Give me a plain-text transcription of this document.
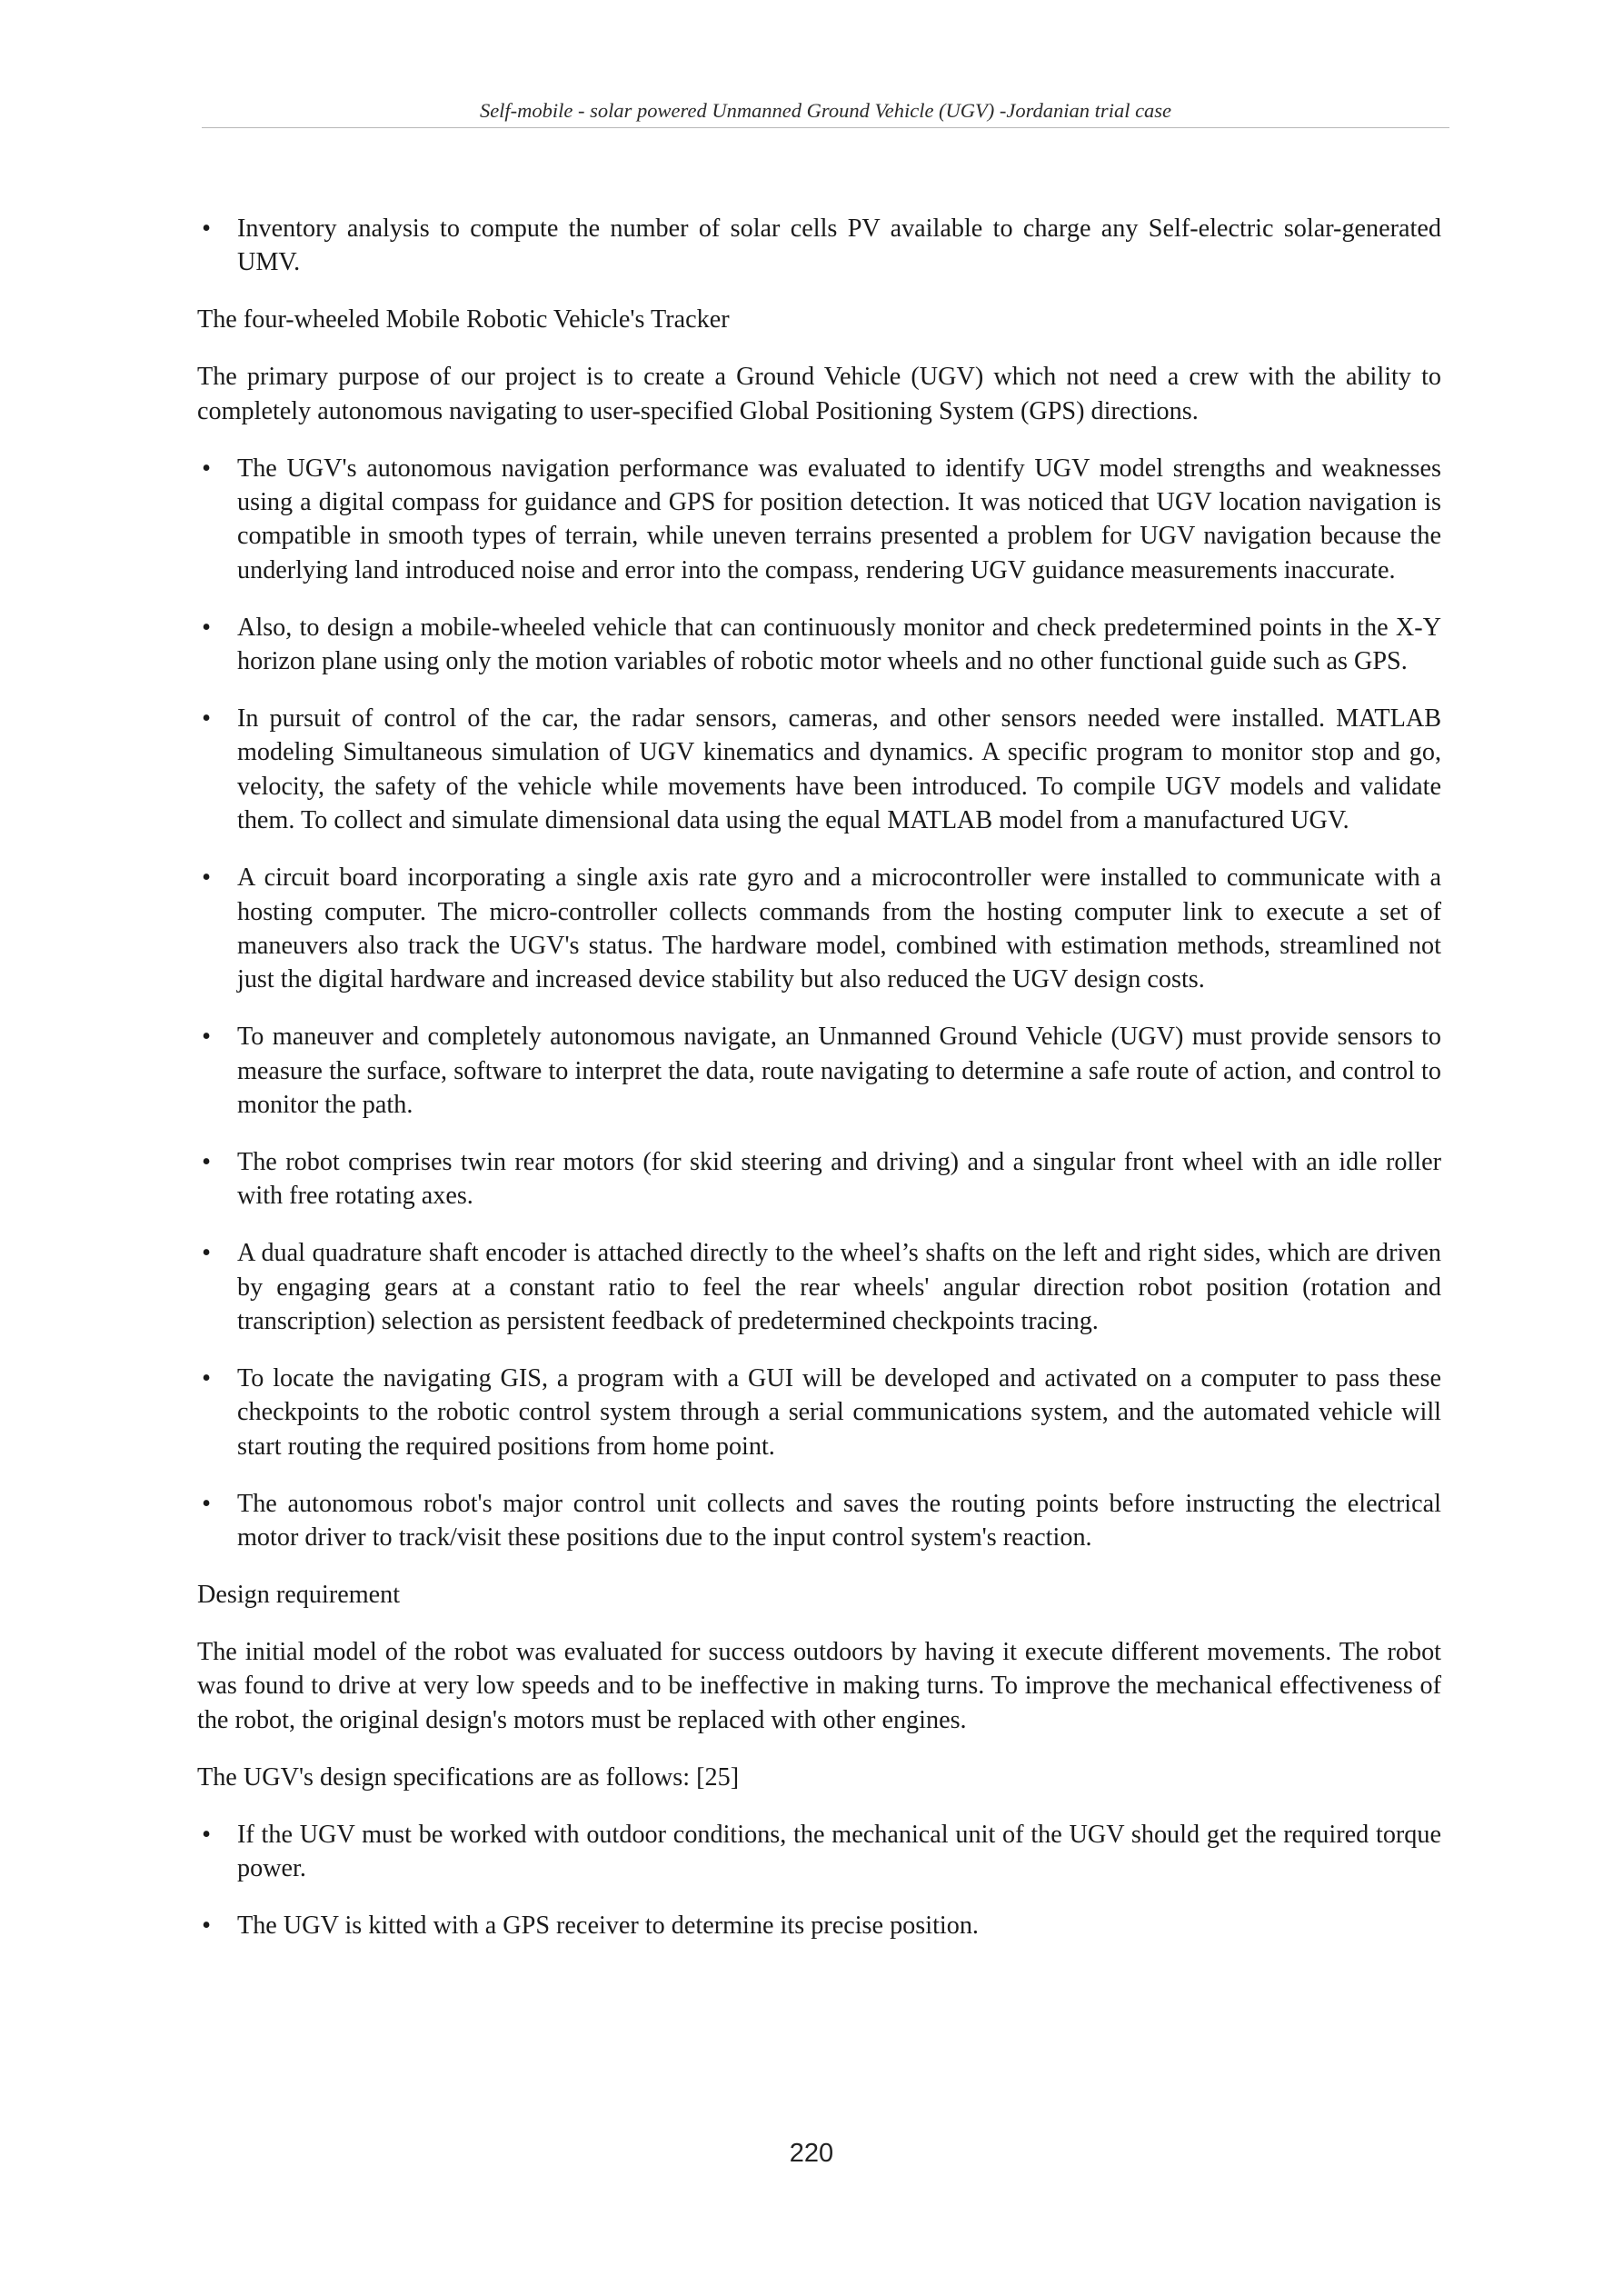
Self-mobile - solar powered Unmanned Ground Vehicle (UGV) -Jordanian trial case
• Inventory analysis to compute the number of solar cells PV available to charge any Self-electric solar-generated UMV.

The four-wheeled Mobile Robotic Vehicle's Tracker

The primary purpose of our project is to create a Ground Vehicle (UGV) which not need a crew with the ability to completely autonomous navigating to user-specified Global Positioning System (GPS) directions.

• The UGV's autonomous navigation performance was evaluated to identify UGV model strengths and weaknesses using a digital compass for guidance and GPS for position detection. It was noticed that UGV location navigation is compatible in smooth types of terrain, while uneven terrains presented a problem for UGV navigation because the underlying land introduced noise and error into the compass, rendering UGV guidance measurements inaccurate.
• Also, to design a mobile-wheeled vehicle that can continuously monitor and check predetermined points in the X-Y horizon plane using only the motion variables of robotic motor wheels and no other functional guide such as GPS.
• In pursuit of control of the car, the radar sensors, cameras, and other sensors needed were installed. MATLAB modeling Simultaneous simulation of UGV kinematics and dynamics. A specific program to monitor stop and go, velocity, the safety of the vehicle while movements have been introduced. To compile UGV models and validate them. To collect and simulate dimensional data using the equal MATLAB model from a manufactured UGV.
• A circuit board incorporating a single axis rate gyro and a microcontroller were installed to communicate with a hosting computer. The micro-controller collects commands from the hosting computer link to execute a set of maneuvers also track the UGV's status. The hardware model, combined with estimation methods, streamlined not just the digital hardware and increased device stability but also reduced the UGV design costs.
• To maneuver and completely autonomous navigate, an Unmanned Ground Vehicle (UGV) must provide sensors to measure the surface, software to interpret the data, route navigating to determine a safe route of action, and control to monitor the path.
• The robot comprises twin rear motors (for skid steering and driving) and a singular front wheel with an idle roller with free rotating axes.
• A dual quadrature shaft encoder is attached directly to the wheel’s shafts on the left and right sides, which are driven by engaging gears at a constant ratio to feel the rear wheels' angular direction robot position (rotation and transcription) selection as persistent feedback of predetermined checkpoints tracing.
• To locate the navigating GIS, a program with a GUI will be developed and activated on a computer to pass these checkpoints to the robotic control system through a serial communications system, and the automated vehicle will start routing the required positions from home point.
• The autonomous robot's major control unit collects and saves the routing points before instructing the electrical motor driver to track/visit these positions due to the input control system's reaction.

Design requirement

The initial model of the robot was evaluated for success outdoors by having it execute different movements. The robot was found to drive at very low speeds and to be ineffective in making turns. To improve the mechanical effectiveness of the robot, the original design's motors must be replaced with other engines.

The UGV's design specifications are as follows: [25]

• If the UGV must be worked with outdoor conditions, the mechanical unit of the UGV should get the required torque power.
• The UGV is kitted with a GPS receiver to determine its precise position.
220
